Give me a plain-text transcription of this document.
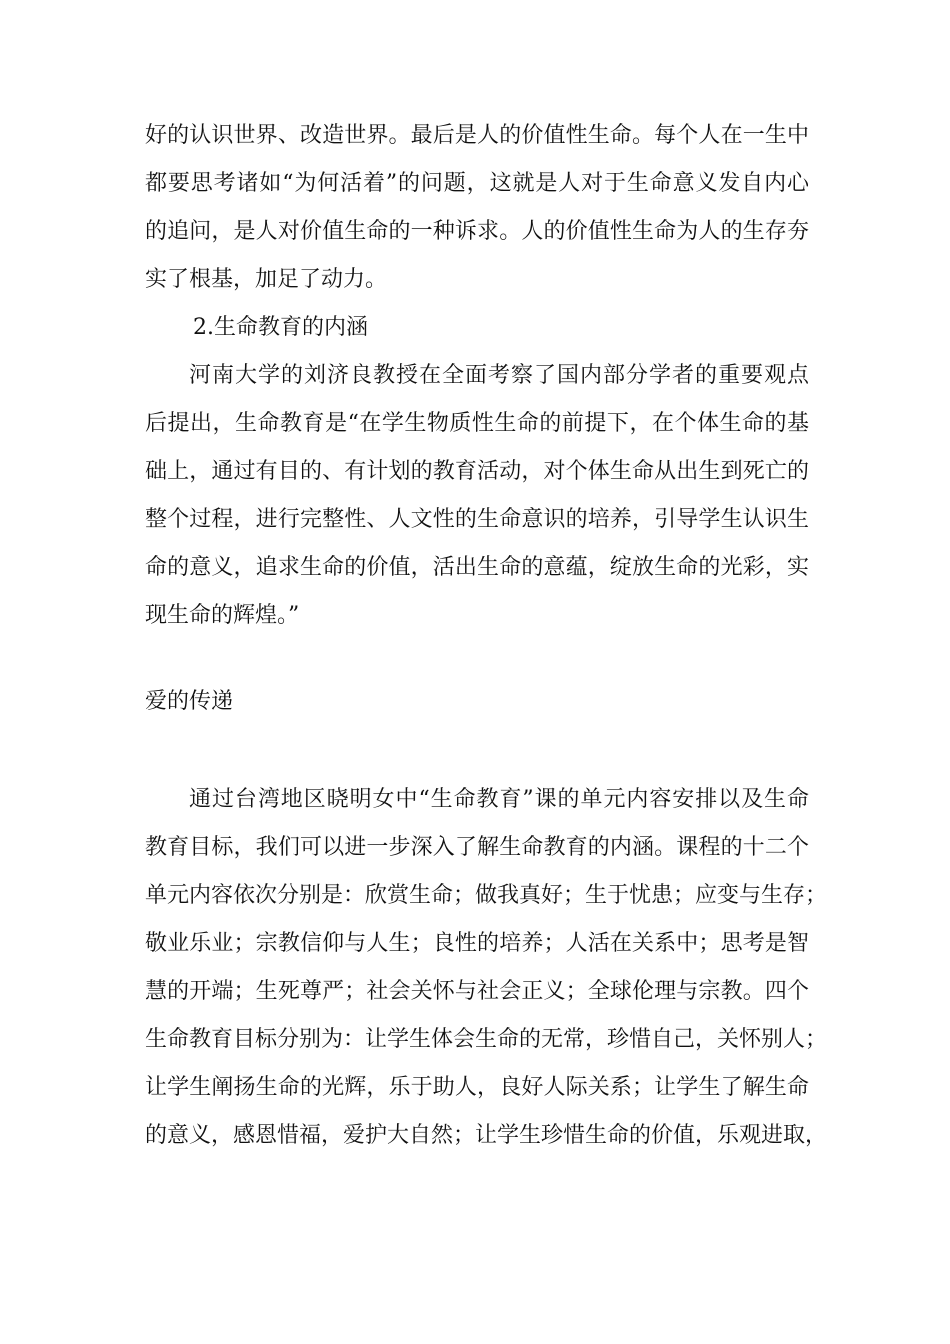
好的认识世界、改造世界。最后是人的价值性生命。每个人在一生中
都要思考诸如“为何活着”的问题，这就是人对于生命意义发自内心
的追问，是人对价值生命的一种诉求。人的价值性生命为人的生存夯
实了根基，加足了动力。
2.生命教育的内涵
河南大学的刘济良教授在全面考察了国内部分学者的重要观点
后提出，生命教育是“在学生物质性生命的前提下，在个体生命的基
础上，通过有目的、有计划的教育活动，对个体生命从出生到死亡的
整个过程，进行完整性、人文性的生命意识的培养，引导学生认识生
命的意义，追求生命的价值，活出生命的意蕴，绽放生命的光彩，实
现生命的辉煌。”
爱的传递
通过台湾地区晓明女中“生命教育”课的单元内容安排以及生命
教育目标，我们可以进一步深入了解生命教育的内涵。课程的十二个
单元内容依次分别是：欣赏生命；做我真好；生于忧患；应变与生存；
敬业乐业；宗教信仰与人生；良性的培养；人活在关系中；思考是智
慧的开端；生死尊严；社会关怀与社会正义；全球伦理与宗教。四个
生命教育目标分别为：让学生体会生命的无常，珍惜自己，关怀别人；
让学生阐扬生命的光辉，乐于助人，良好人际关系；让学生了解生命
的意义，感恩惜福，爱护大自然；让学生珍惜生命的价值，乐观进取，
